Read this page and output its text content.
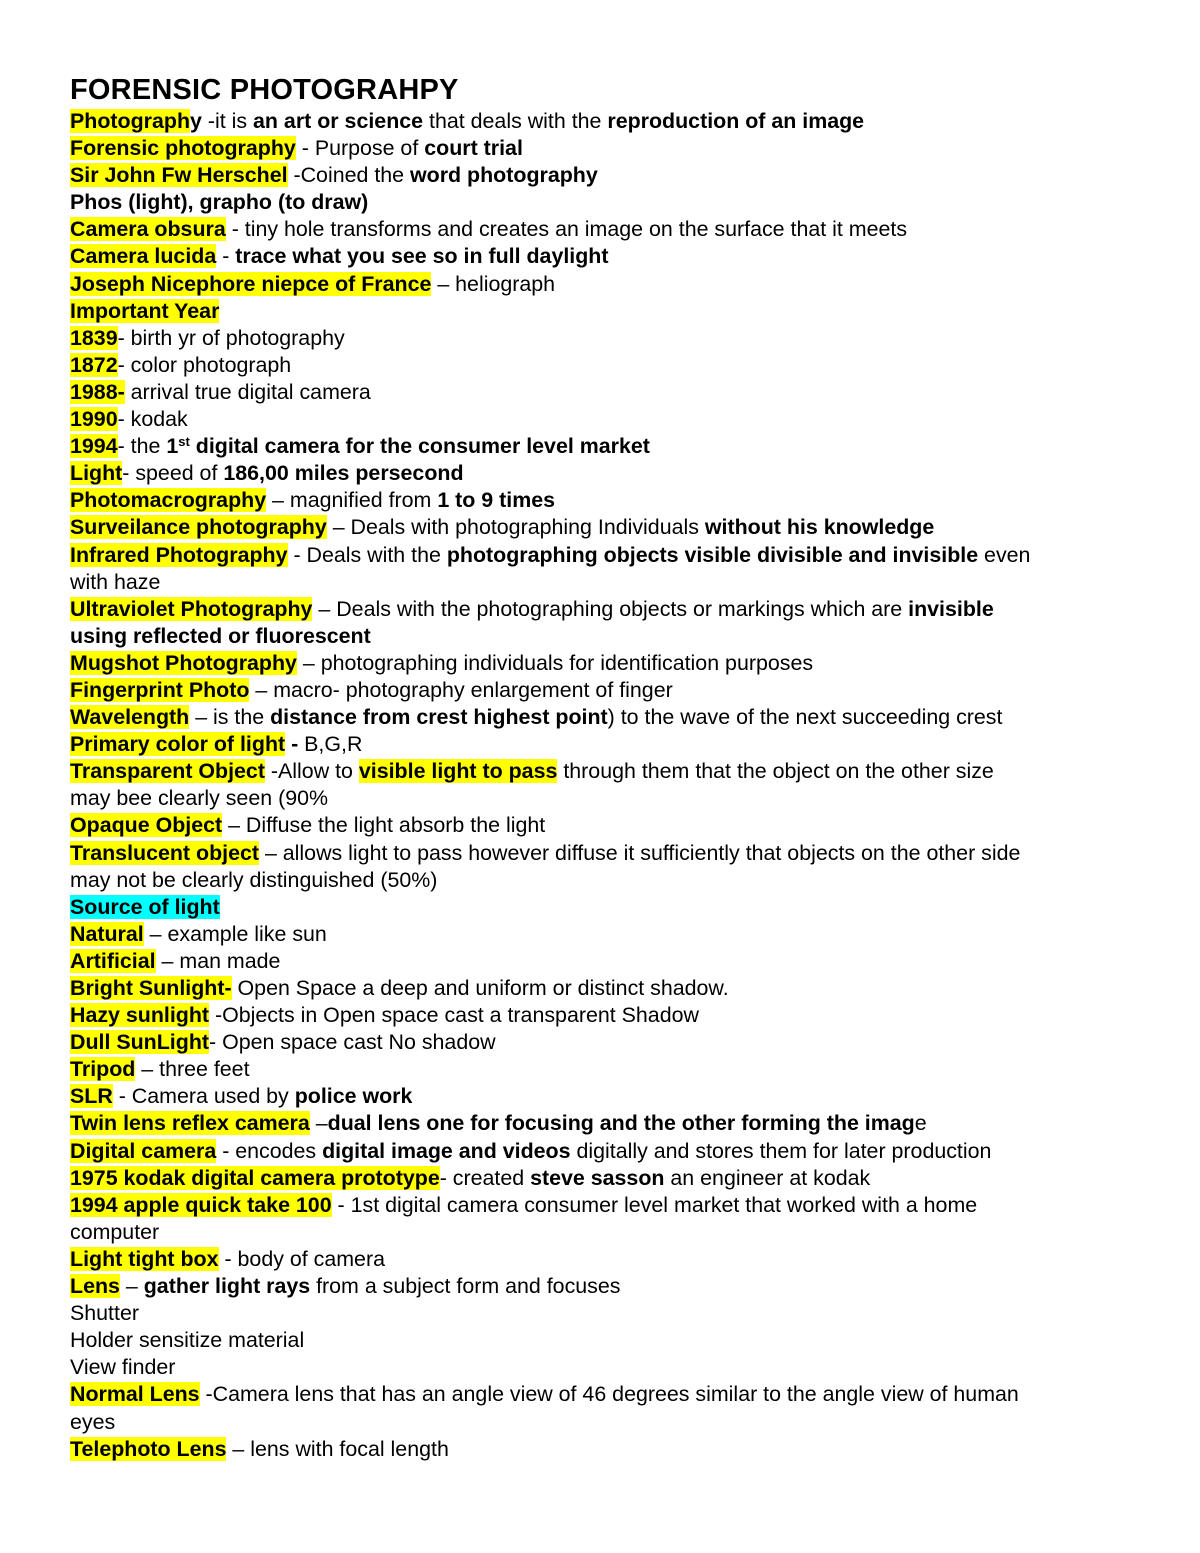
FORENSIC PHOTOGRAHPY
Photography -it is an art or science that deals with the reproduction of an image
Forensic photography - Purpose of court trial
Sir John Fw Herschel -Coined the word photography
Phos (light), grapho (to draw)
Camera obsura - tiny hole transforms and creates an image on the surface that it meets
Camera lucida - trace what you see so in full daylight
Joseph Nicephore niepce of France – heliograph
Important Year
1839- birth yr of photography
1872- color photograph
1988- arrival true digital camera
1990- kodak
1994- the 1st digital camera for the consumer level market
Light- speed of 186,00 miles persecond
Photomacrography – magnified from 1 to 9 times
Surveilance photography – Deals with photographing Individuals without his knowledge
Infrared Photography - Deals with the photographing objects visible divisible and invisible even
with haze
Ultraviolet Photography – Deals with the photographing objects or markings which are invisible
using reflected or fluorescent
Mugshot Photography – photographing individuals for identification purposes
Fingerprint Photo – macro- photography enlargement of finger
Wavelength – is the distance from crest highest point) to the wave of the next succeeding crest
Primary color of light - B,G,R
Transparent Object -Allow to visible light to pass through them that the object on the other size
may bee clearly seen (90%
Opaque Object – Diffuse the light absorb the light
Translucent object – allows light to pass however diffuse it sufficiently that objects on the other side
may not be clearly distinguished (50%)
Source of light
Natural – example like sun
Artificial – man made
Bright Sunlight- Open Space a deep and uniform or distinct shadow.
Hazy sunlight -Objects in Open space cast a transparent Shadow
Dull SunLight- Open space cast No shadow
Tripod – three feet
SLR - Camera used by police work
Twin lens reflex camera –dual lens one for focusing and the other forming the image
Digital camera - encodes digital image and videos digitally and stores them for later production
1975 kodak digital camera prototype- created steve sasson an engineer at kodak
1994 apple quick take 100 - 1st digital camera consumer level market that worked with a home
computer
Light tight box - body of camera
Lens – gather light rays from a subject form and focuses
Shutter
Holder sensitize material
View finder
Normal Lens -Camera lens that has an angle view of 46 degrees similar to the angle view of human
eyes
Telephoto Lens – lens with focal length
